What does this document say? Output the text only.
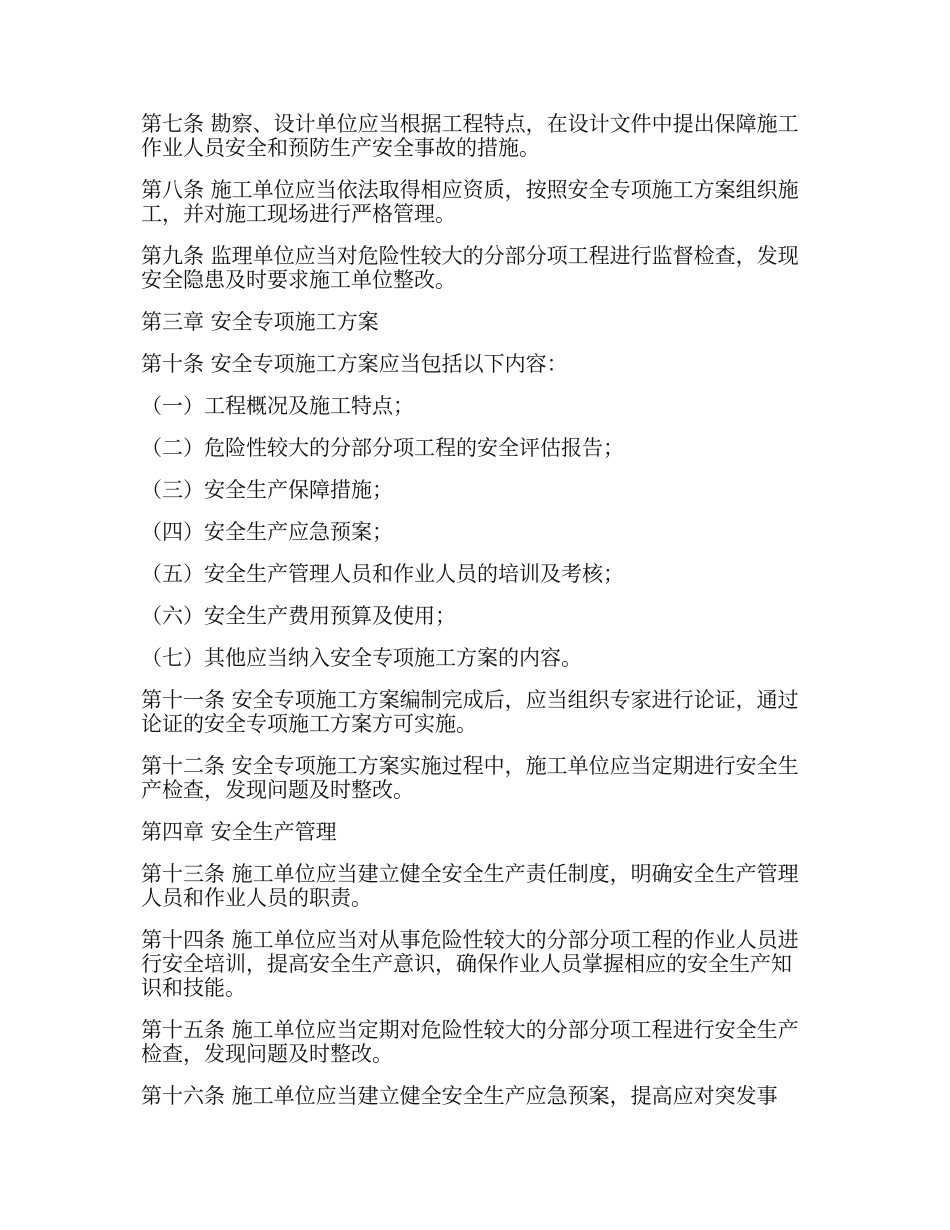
第七条 勘察、设计单位应当根据工程特点，在设计文件中提出保障施工作业人员安全和预防生产安全事故的措施。

第八条 施工单位应当依法取得相应资质，按照安全专项施工方案组织施工，并对施工现场进行严格管理。

第九条 监理单位应当对危险性较大的分部分项工程进行监督检查，发现安全隐患及时要求施工单位整改。

第三章 安全专项施工方案

第十条 安全专项施工方案应当包括以下内容：

（一）工程概况及施工特点；

（二）危险性较大的分部分项工程的安全评估报告；

（三）安全生产保障措施；

（四）安全生产应急预案；

（五）安全生产管理人员和作业人员的培训及考核；

（六）安全生产费用预算及使用；

（七）其他应当纳入安全专项施工方案的内容。

第十一条 安全专项施工方案编制完成后，应当组织专家进行论证，通过论证的安全专项施工方案方可实施。

第十二条 安全专项施工方案实施过程中，施工单位应当定期进行安全生产检查，发现问题及时整改。

第四章 安全生产管理

第十三条 施工单位应当建立健全安全生产责任制度，明确安全生产管理人员和作业人员的职责。

第十四条 施工单位应当对从事危险性较大的分部分项工程的作业人员进行安全培训，提高安全生产意识，确保作业人员掌握相应的安全生产知识和技能。

第十五条 施工单位应当定期对危险性较大的分部分项工程进行安全生产检查，发现问题及时整改。

第十六条 施工单位应当建立健全安全生产应急预案，提高应对突发事
